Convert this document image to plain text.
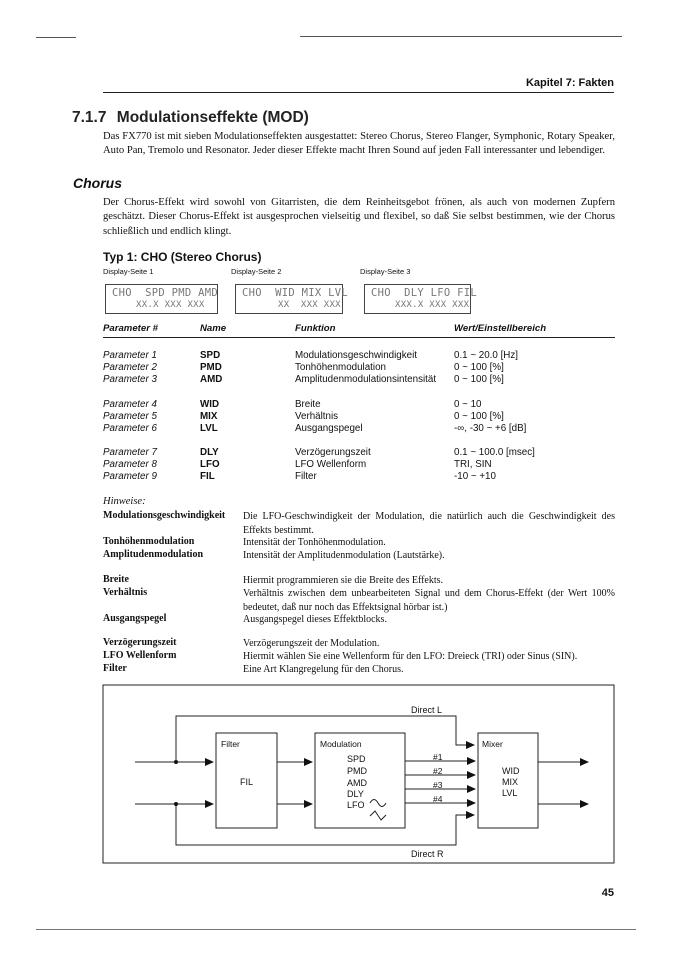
Kapitel 7: Fakten
7.1.7 Modulationseffekte (MOD)
Das FX770 ist mit sieben Modulationseffekten ausgestattet: Stereo Chorus, Stereo Flanger, Symphonic, Rotary Speaker, Auto Pan, Tremolo und Resonator. Jeder dieser Effekte macht Ihren Sound auf jeden Fall interessanter und lebendiger.
Chorus
Der Chorus-Effekt wird sowohl von Gitarristen, die dem Reinheitsgebot frönen, als auch von modernen Zupfern geschätzt. Dieser Chorus-Effekt ist ausgesprochen vielseitig und flexibel, so daß Sie selbst bestimmen, wie der Chorus schließlich und endlich klingt.
Typ 1: CHO (Stereo Chorus)
Display-Seite 1	Display-Seite 2	Display-Seite 3
CHO  SPD PMD AMD
XX.X XXX XXX
CHO  WID MIX LVL
XX  XXX XXX
CHO  DLY LFO FIL
XXX.X XXX XXX
Parameter #	Name	Funktion	Wert/Einstellbereich
Parameter 1	SPD	Modulationsgeschwindigkeit	0.1 ~ 20.0 [Hz]
Parameter 2	PMD	Tonhöhenmodulation	0 ~ 100 [%]
Parameter 3	AMD	Amplitudenmodulationsintensität 0 ~ 100 [%]
Parameter 4	WID	Breite	0 ~ 10
Parameter 5	MIX	Verhältnis	0 ~ 100 [%]
Parameter 6	LVL	Ausgangspegel	-∞, -30 ~ +6 [dB]
Parameter 7	DLY	Verzögerungszeit	0.1 ~ 100.0 [msec]
Parameter 8	LFO	LFO Wellenform	TRI, SIN
Parameter 9	FIL	Filter	-10 ~ +10
Hinweise:
Modulationsgeschwindigkeit Die LFO-Geschwindigkeit der Modulation, die natürlich auch die Geschwindigkeit des Effekts bestimmt.
Tonhöhenmodulation	Intensität der Tonhöhenmodulation.
Amplitudenmodulation	Intensität der Amplitudenmodulation (Lautstärke).
Breite	Hiermit programmieren sie die Breite des Effekts.
Verhältnis	Verhältnis zwischen dem unbearbeiteten Signal und dem Chorus-Effekt (der Wert 100% bedeutet, daß nur noch das Effektsignal hörbar ist.)
Ausgangspegel	Ausgangspegel dieses Effektblocks.
Verzögerungszeit	Verzögerungszeit der Modulation.
LFO Wellenform	Hiermit wählen Sie eine Wellenform für den LFO: Dreieck (TRI) oder Sinus (SIN).
Filter	Eine Art Klangregelung für den Chorus.
Direct L
Direct R
Filter
FIL
Modulation
SPD
PMD
AMD
DLY
LFO
#1
#2
#3
#4
Mixer
WID
MIX
LVL
45
